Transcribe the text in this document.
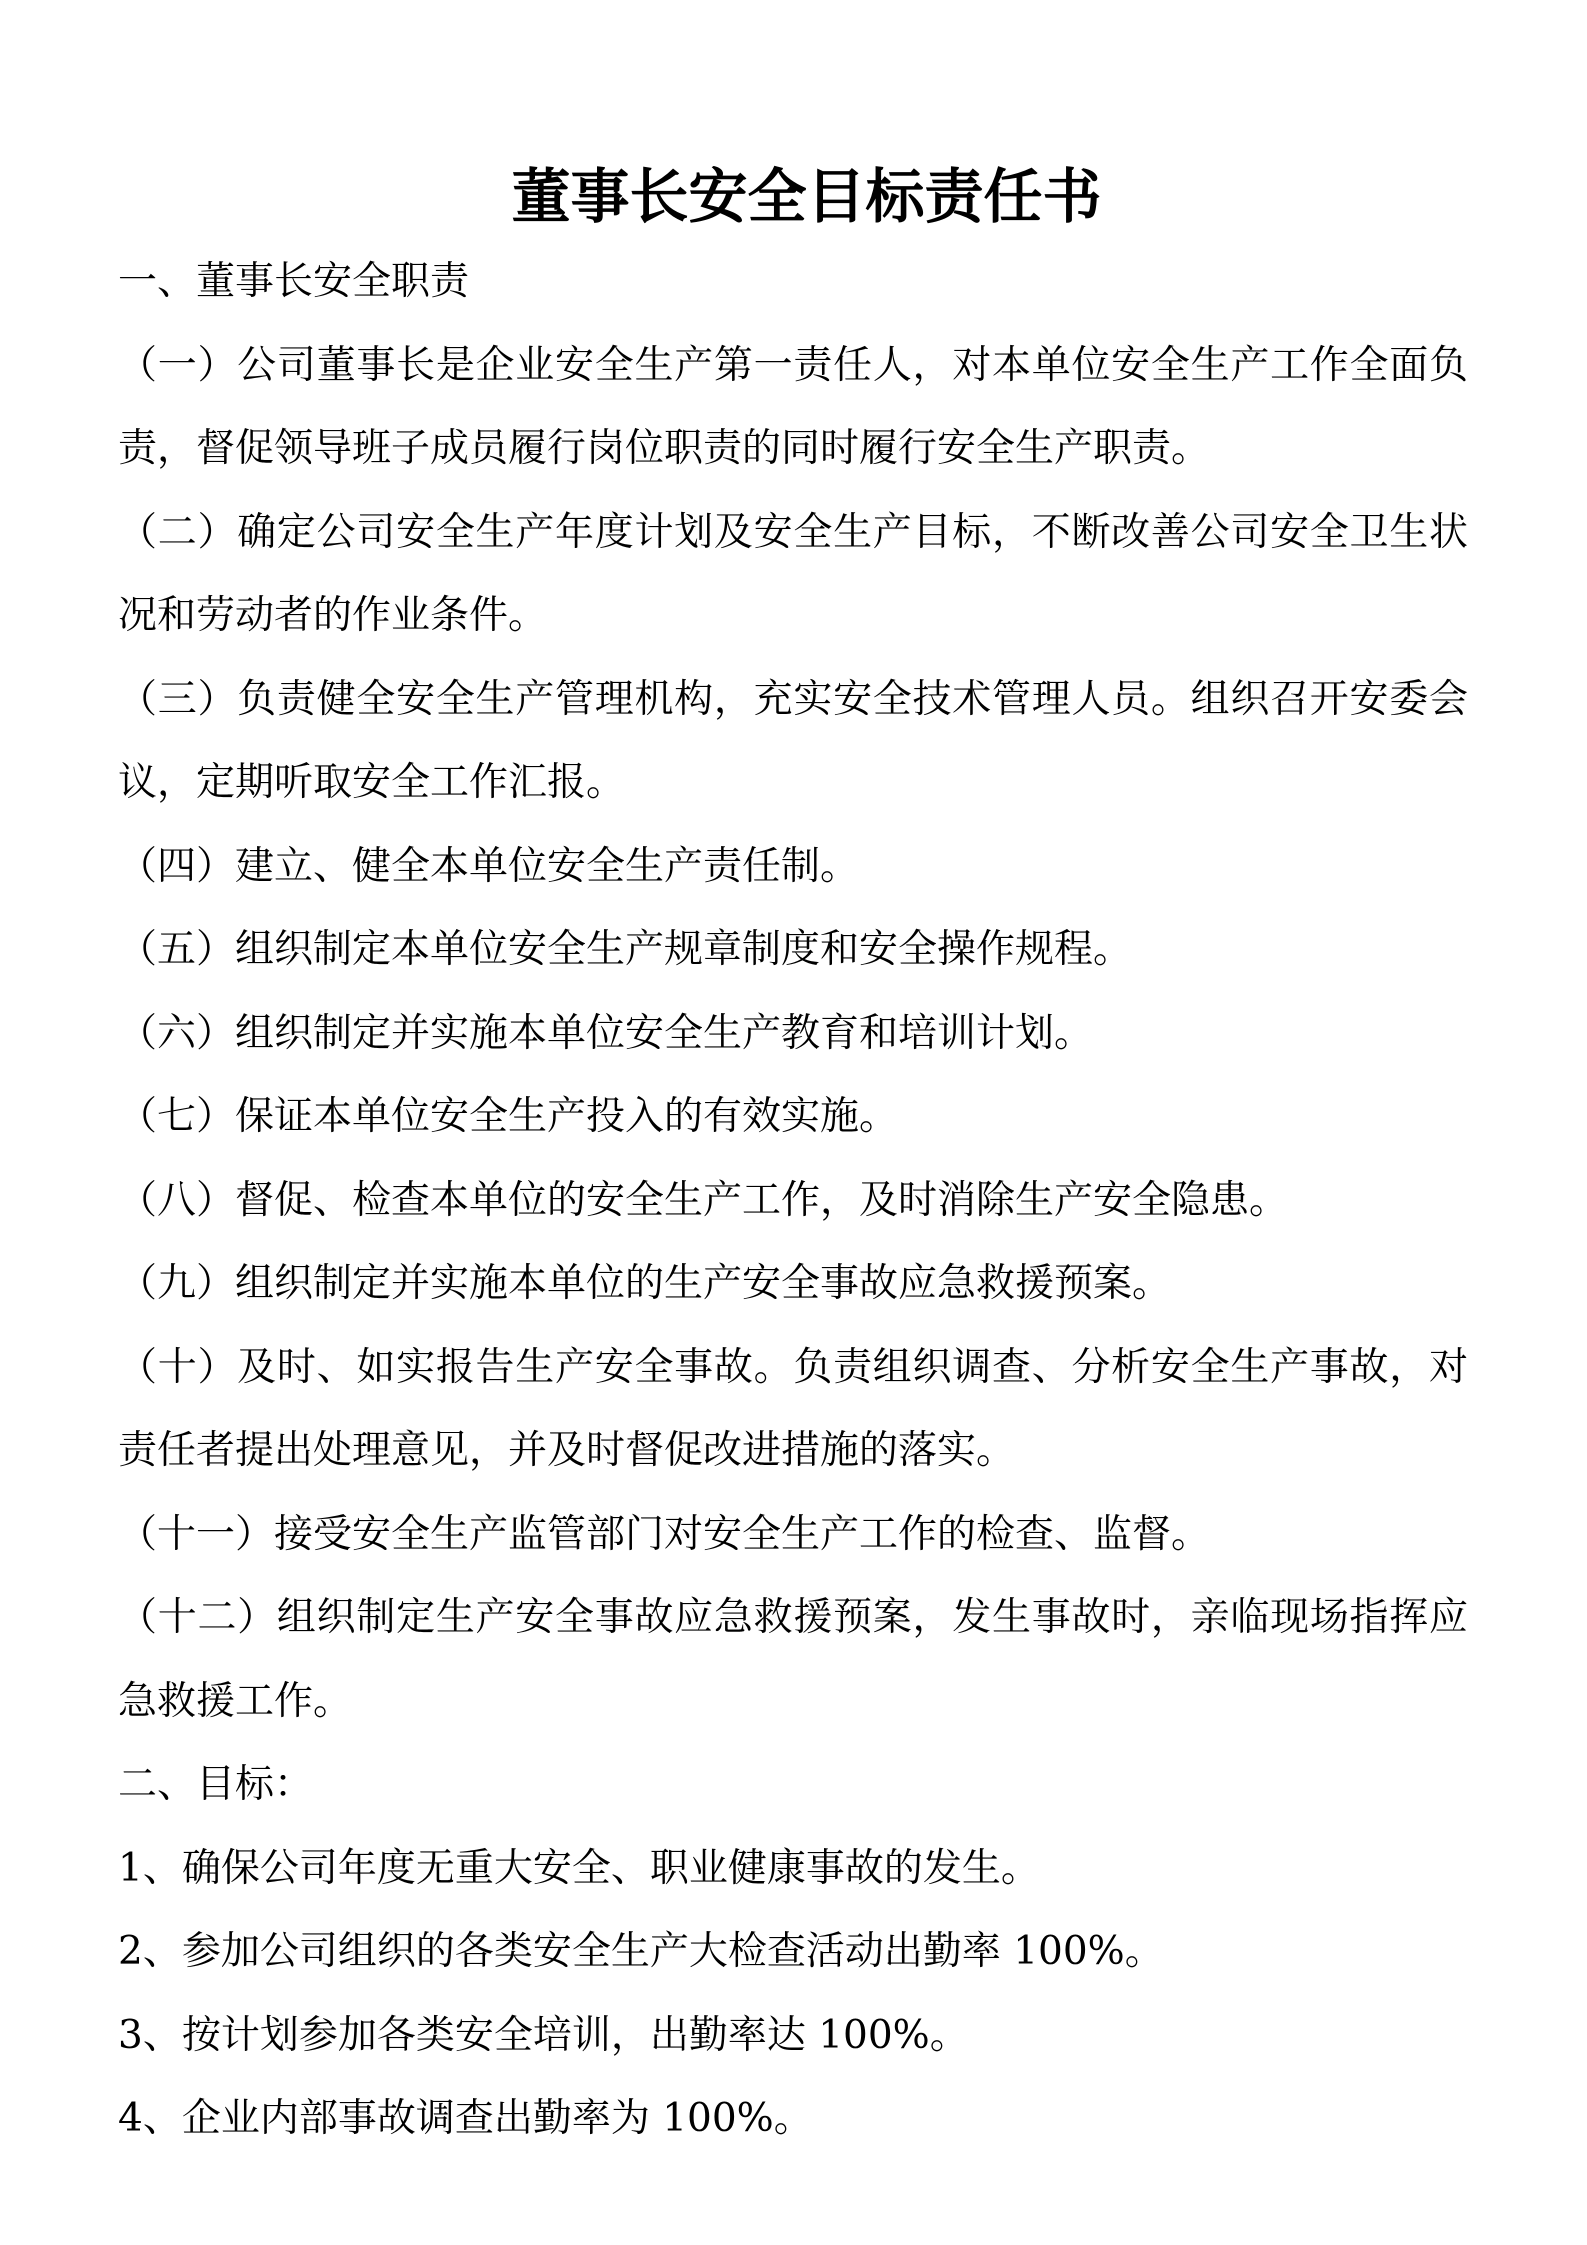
董事长安全目标责任书
一、董事长安全职责
（一）公司董事长是企业安全生产第一责任人，对本单位安全生产工作全面负
责，督促领导班子成员履行岗位职责的同时履行安全生产职责。
（二）确定公司安全生产年度计划及安全生产目标，不断改善公司安全卫生状
况和劳动者的作业条件。
（三）负责健全安全生产管理机构，充实安全技术管理人员。组织召开安委会
议，定期听取安全工作汇报。
（四）建立、健全本单位安全生产责任制。
（五）组织制定本单位安全生产规章制度和安全操作规程。
（六）组织制定并实施本单位安全生产教育和培训计划。
（七）保证本单位安全生产投入的有效实施。
（八）督促、检查本单位的安全生产工作，及时消除生产安全隐患。
（九）组织制定并实施本单位的生产安全事故应急救援预案。
（十）及时、如实报告生产安全事故。负责组织调查、分析安全生产事故，对
责任者提出处理意见，并及时督促改进措施的落实。
（十一）接受安全生产监管部门对安全生产工作的检查、监督。
（十二）组织制定生产安全事故应急救援预案，发生事故时，亲临现场指挥应
急救援工作。
二、目标：
1、确保公司年度无重大安全、职业健康事故的发生。
2、参加公司组织的各类安全生产大检查活动出勤率 100%。
3、按计划参加各类安全培训，出勤率达 100%。
4、企业内部事故调查出勤率为 100%。
